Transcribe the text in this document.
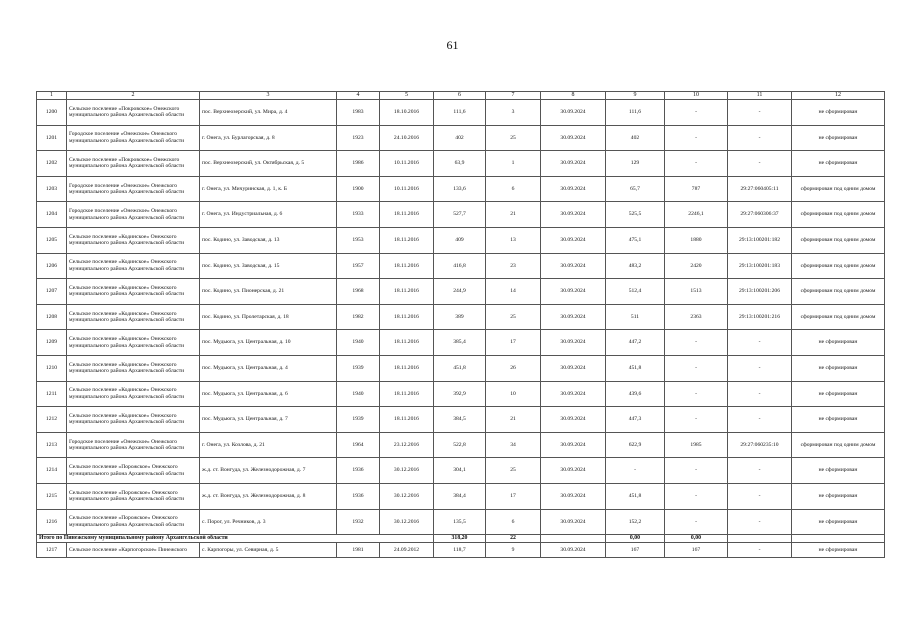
61
1	2	3	4	5	6	7	8	9	10	11	12
1200	Сельское поселение «Покровское» Онежского муниципального района Архангельской области	пос. Верхнеозерский, ул. Мира, д. 4	1983	18.10.2016	111,6	3	30.09.2024	111,6	-	-	не сформирован
1201	Городское поселение «Онежское» Онежского муниципального района Архангельской области	г. Онега, ул. Бурлагорская, д. 8	1923	24.10.2016	402	25	30.09.2024	402	-	-	не сформирован
1202	Сельское поселение «Покровское» Онежского муниципального района Архангельской области	пос. Верхнеозерский, ул. Октябрьская, д. 5	1986	10.11.2016	63,9	1	30.09.2024	129	-	-	не сформирован
1203	Городское поселение «Онежское» Онежского муниципального района Архангельской области	г. Онега, ул. Мичуринская, д. 1, к. Б	1900	10.11.2016	133,6	6	30.09.2024	65,7	787	29:27:060405:11	сформирован под одним домом
1204	Городское поселение «Онежское» Онежского муниципального района Архангельской области	г. Онега, ул. Индустриальная, д. 6	1933	18.11.2016	527,7	21	30.09.2024	525,5	2246,1	29:27:060306:37	сформирован под одним домом
1205	Сельское поселение «Кодинское» Онежского муниципального района Архангельской области	пос. Кодино, ул. Заводская, д. 13	1953	18.11.2016	409	13	30.09.2024	475,1	1880	29:13:100201:182	сформирован под одним домом
1206	Сельское поселение «Кодинское» Онежского муниципального района Архангельской области	пос. Кодино, ул. Заводская, д. 15	1957	18.11.2016	416,8	23	30.09.2024	483,2	2420	29:13:100201:183	сформирован под одним домом
1207	Сельское поселение «Кодинское» Онежского муниципального района Архангельской области	пос. Кодино, ул. Пионерская, д. 21	1968	18.11.2016	244,9	14	30.09.2024	512,4	1513	29:13:100201:206	сформирован под одним домом
1208	Сельское поселение «Кодинское» Онежского муниципального района Архангельской области	пос. Кодино, ул. Пролетарская, д. 18	1982	18.11.2016	389	25	30.09.2024	511	2363	29:13:100201:216	сформирован под одним домом
1209	Сельское поселение «Кодинское» Онежского муниципального района Архангельской области	пос. Мудьюга, ул. Центральная, д. 10	1940	18.11.2016	385,4	17	30.09.2024	447,2	-	-	не сформирован
1210	Сельское поселение «Кодинское» Онежского муниципального района Архангельской области	пос. Мудьюга, ул. Центральная, д. 4	1939	18.11.2016	451,8	26	30.09.2024	451,8	-	-	не сформирован
1211	Сельское поселение «Кодинское» Онежского муниципального района Архангельской области	пос. Мудьюга, ул. Центральная, д. 6	1940	18.11.2016	392,9	10	30.09.2024	439,6	-	-	не сформирован
1212	Сельское поселение «Кодинское» Онежского муниципального района Архангельской области	пос. Мудьюга, ул. Центральная, д. 7	1939	18.11.2016	384,5	21	30.09.2024	447,3	-	-	не сформирован
1213	Городское поселение «Онежское» Онежского муниципального района Архангельской области	г. Онега, ул. Козлова, д. 21	1964	23.12.2016	522,8	34	30.09.2024	622,9	1985	29:27:060235:10	сформирован под одним домом
1214	Сельское поселение «Порожское» Онежского муниципального района Архангельской области	ж.д. ст. Вонгуда, ул. Железнодорожная, д. 7	1936	30.12.2016	304,1	25	30.09.2024	-	-	-	не сформирован
1215	Сельское поселение «Порожское» Онежского муниципального района Архангельской области	ж.д. ст. Вонгуда, ул. Железнодорожная, д. 8	1936	30.12.2016	384,4	17	30.09.2024	451,8	-	-	не сформирован
1216	Сельское поселение «Порожское» Онежского муниципального района Архангельской области	с. Порог, ул. Речников, д. 3	1932	30.12.2016	135,5	6	30.09.2024	152,2	-	-	не сформирован
Итого по Пинежскому муниципальному району Архангельской области					318,20	22		0,00	0,00		
1217	Сельское поселение «Карпогорское» Пинежского	с. Карпогоры, ул. Севирная, д. 5	1981	24.09.2012	118,7	9	30.09.2024	167	167	-	не сформирован
